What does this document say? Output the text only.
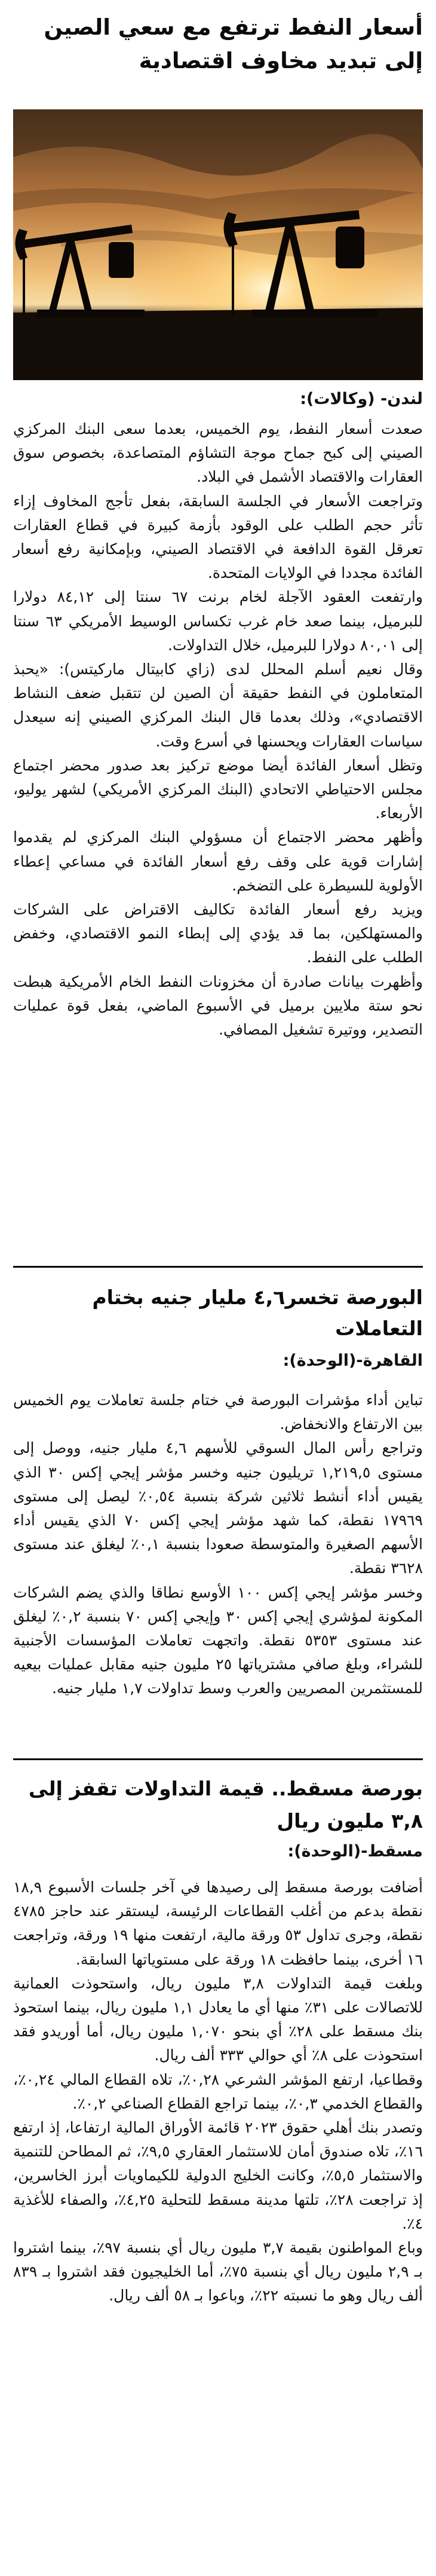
أسعار النفط ترتفع مع سعي الصين إلى تبديد مخاوف اقتصادية

لندن- (وكالات):

صعدت أسعار النفط، يوم الخميس، بعدما سعى البنك المركزي الصيني إلى كبح جماح موجة التشاؤم المتصاعدة، بخصوص سوق العقارات والاقتصاد الأشمل في البلاد.

وتراجعت الأسعار في الجلسة السابقة، بفعل تأجج المخاوف إزاء تأثر حجم الطلب على الوقود بأزمة كبيرة في قطاع العقارات تعرقل القوة الدافعة في الاقتصاد الصيني، وبإمكانية رفع أسعار الفائدة مجددا في الولايات المتحدة.

وارتفعت العقود الآجلة لخام برنت ٦٧ سنتا إلى ٨٤,١٢ دولارا للبرميل، بينما صعد خام غرب تكساس الوسيط الأمريكي ٦٣ سنتا إلى ٨٠,٠١ دولارا للبرميل، خلال التداولات.

وقال نعيم أسلم المحلل لدى (زاي كابيتال ماركيتس): «يحبذ المتعاملون في النفط حقيقة أن الصين لن تتقبل ضعف النشاط الاقتصادي»، وذلك بعدما قال البنك المركزي الصيني إنه سيعدل سياسات العقارات ويحسنها في أسرع وقت.

وتظل أسعار الفائدة أيضا موضع تركيز بعد صدور محضر اجتماع مجلس الاحتياطي الاتحادي (البنك المركزي الأمريكي) لشهر يوليو، الأربعاء.

وأظهر محضر الاجتماع أن مسؤولي البنك المركزي لم يقدموا إشارات قوية على وقف رفع أسعار الفائدة في مساعي إعطاء الأولوية للسيطرة على التضخم.

ويزيد رفع أسعار الفائدة تكاليف الاقتراض على الشركات والمستهلكين، بما قد يؤدي إلى إبطاء النمو الاقتصادي، وخفض الطلب على النفط.

وأظهرت بيانات صادرة أن مخزونات النفط الخام الأمريكية هبطت نحو ستة ملايين برميل في الأسبوع الماضي، بفعل قوة عمليات التصدير، ووتيرة تشغيل المصافي.

البورصة تخسر٤,٦ مليار جنيه بختام التعاملات

القاهرة-(الوحدة):

تباين أداء مؤشرات البورصة في ختام جلسة تعاملات يوم الخميس بين الارتفاع والانخفاض.

وتراجع رأس المال السوقي للأسهم ٤,٦ مليار جنيه، ووصل إلى مستوى ١,٢١٩,٥ تريليون جنيه وخسر مؤشر إيجي إكس ٣٠ الذي يقيس أداء أنشط ثلاثين شركة بنسبة ٠,٥٤٪ ليصل إلى مستوى ١٧٩٦٩ نقطة، كما شهد مؤشر إيجي إكس ٧٠ الذي يقيس أداء الأسهم الصغيرة والمتوسطة صعودا بنسبة ٠,١٪ ليغلق عند مستوى ٣٦٢٨ نقطة.

وخسر مؤشر إيجي إكس ١٠٠ الأوسع نطاقا والذي يضم الشركات المكونة لمؤشري إيجي إكس ٣٠ وإيجي إكس ٧٠ بنسبة ٠,٢٪ ليغلق عند مستوى ٥٣٥٣ نقطة. واتجهت تعاملات المؤسسات الأجنبية للشراء، وبلغ صافي مشترياتها ٢٥ مليون جنيه مقابل عمليات بيعيه للمستثمرين المصريين والعرب وسط تداولات ١,٧ مليار جنيه.

بورصة مسقط.. قيمة التداولات تقفز إلى ٣,٨ مليون ريال

مسقط-(الوحدة):

أضافت بورصة مسقط إلى رصيدها في آخر جلسات الأسبوع ١٨,٩ نقطة بدعم من أغلب القطاعات الرئيسة، ليستقر عند حاجز ٤٧٨٥ نقطة، وجرى تداول ٥٣ ورقة مالية، ارتفعت منها ١٩ ورقة، وتراجعت ١٦ أخرى، بينما حافظت ١٨ ورقة على مستوياتها السابقة.

وبلغت قيمة التداولات ٣,٨ مليون ريال، واستحوذت العمانية للاتصالات على ٣١٪ منها أي ما يعادل ١,١ مليون ريال، بينما استحوذ بنك مسقط على ٢٨٪ أي بنحو ١,٠٧٠ مليون ريال، أما أوريدو فقد استحوذت على ٨٪ أي حوالي ٣٣٣ ألف ريال.

وقطاعيا، ارتفع المؤشر الشرعي ٠,٢٨٪، تلاه القطاع المالي ٠,٢٤٪، والقطاع الخدمي ٠,٣٪، بينما تراجع القطاع الصناعي ٠,٢٪.

وتصدر بنك أهلي حقوق ٢٠٢٣ قائمة الأوراق المالية ارتفاعا، إذ ارتفع ١٦٪، تلاه صندوق أمان للاستثمار العقاري ٩,٥٪، ثم المطاحن للتنمية والاستثمار ٥,٥٪، وكانت الخليج الدولية للكيماويات أبرز الخاسرين، إذ تراجعت ٢٨٪، تلتها مدينة مسقط للتحلية ٤,٢٥٪، والصفاء للأغذية ٤٪.

وباع المواطنون بقيمة ٣,٧ مليون ريال أي بنسبة ٩٧٪، بينما اشتروا بـ ٢,٩ مليون ريال أي بنسبة ٧٥٪، أما الخليجيون فقد اشتروا بـ ٨٣٩ ألف ريال وهو ما نسبته ٢٢٪، وباعوا بـ ٥٨ ألف ريال.
